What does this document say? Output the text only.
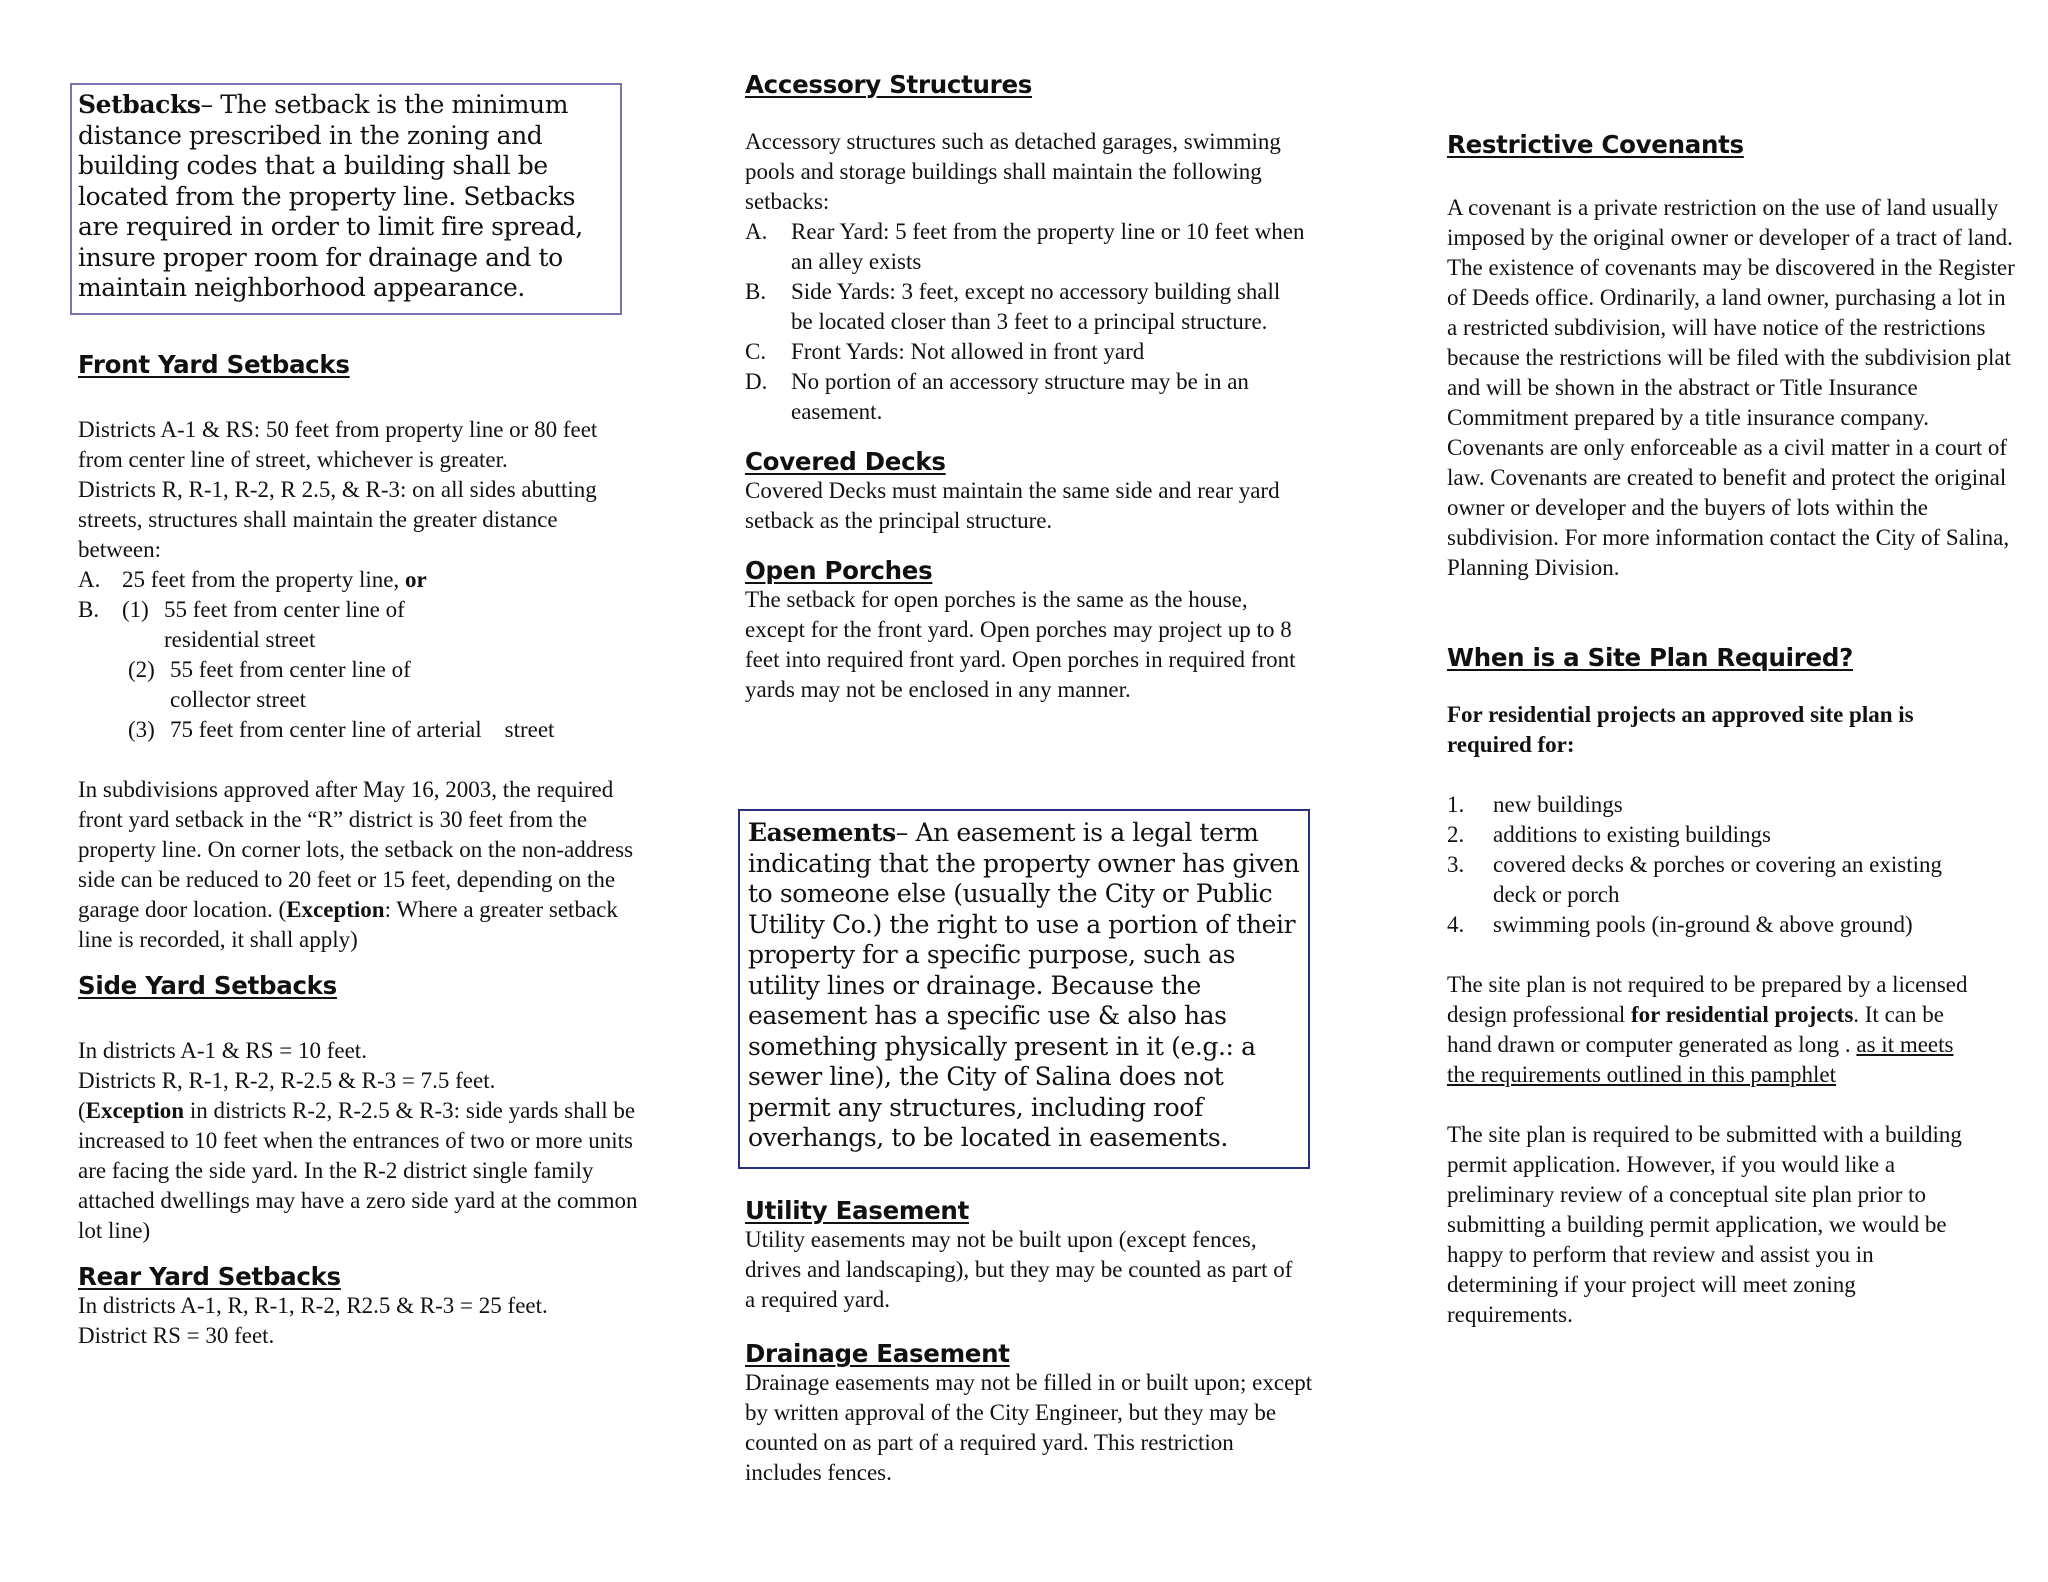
Setbacks– The setback is the minimum distance prescribed in the zoning and building codes that a building shall be located from the property line. Setbacks are required in order to limit fire spread, insure proper room for drainage and to maintain neighborhood appearance.

Front Yard Setbacks

Districts A-1 & RS: 50 feet from property line or 80 feet from center line of street, whichever is greater.

Districts R, R-1, R-2, R 2.5, & R-3: on all sides abutting streets, structures shall maintain the greater distance between:

A. 25 feet from the property line, or
B. (1) 55 feet from center line of residential street
(2) 55 feet from center line of collector street
(3) 75 feet from center line of arterial    street

In subdivisions approved after May 16, 2003, the required front yard setback in the “R” district is 30 feet from the property line. On corner lots, the setback on the non-address side can be reduced to 20 feet or 15 feet, depending on the garage door location. (Exception: Where a greater setback line is recorded, it shall apply)

Side Yard Setbacks

In districts A-1 & RS = 10 feet.

Districts R, R-1, R-2, R-2.5 & R-3 = 7.5 feet.

(Exception in districts R-2, R-2.5 & R-3: side yards shall be increased to 10 feet when the entrances of two or more units are facing the side yard. In the R-2 district single family attached dwellings may have a zero side yard at the common lot line)

Rear Yard Setbacks

In districts A-1, R, R-1, R-2, R2.5 & R-3 = 25 feet.

District RS = 30 feet.

Accessory Structures

Accessory structures such as detached garages, swimming pools and storage buildings shall maintain the following setbacks:

A.	Rear Yard: 5 feet from the property line or 10 feet when an alley exists
B.	Side Yards: 3 feet, except no accessory building shall be located closer than 3 feet to a principal structure.
C.	Front Yards: Not allowed in front yard
D.	No portion of an accessory structure may be in an easement.
Covered Decks

Covered Decks must maintain the same side and rear yard setback as the principal structure.

Open Porches

The setback for open porches is the same as the house, except for the front yard. Open porches may project up to 8 feet into required front yard. Open porches in required front yards may not be enclosed in any manner.

Easements– An easement is a legal term indicating that the property owner has given to someone else (usually the City or Public Utility Co.) the right to use a portion of their property for a specific purpose, such as utility lines or drainage. Because the easement has a specific use & also has something physically present in it (e.g.: a sewer line), the City of Salina does not permit any structures, including roof overhangs, to be located in easements.

Utility Easement

Utility easements may not be built upon (except fences, drives and landscaping), but they may be counted as part of a required yard.

Drainage Easement

Drainage easements may not be filled in or built upon; except by written approval of the City Engineer, but they may be counted on as part of a required yard. This restriction includes fences.

Restrictive Covenants

A covenant is a private restriction on the use of land usually imposed by the original owner or developer of a tract of land. The existence of covenants may be discovered in the Register of Deeds office. Ordinarily, a land owner, purchasing a lot in a restricted subdivision, will have notice of the restrictions because the restrictions will be filed with the subdivision plat and will be shown in the abstract or Title Insurance Commitment prepared by a title insurance company. Covenants are only enforceable as a civil matter in a court of law. Covenants are created to benefit and protect the original owner or developer and the buyers of lots within the subdivision. For more information contact the City of Salina, Planning Division.

When is a Site Plan Required?

For residential projects an approved site plan is required for:

1.	new buildings
2.	additions to existing buildings
3.	covered decks & porches or covering an existing deck or porch
4.	swimming pools (in-ground & above ground)

The site plan is not required to be prepared by a licensed design professional for residential projects. It can be hand drawn or computer generated as long . as it meets the requirements outlined in this pamphlet

The site plan is required to be submitted with a building permit application. However, if you would like a preliminary review of a conceptual site plan prior to submitting a building permit application, we would be happy to perform that review and assist you in determining if your project will meet zoning requirements.
